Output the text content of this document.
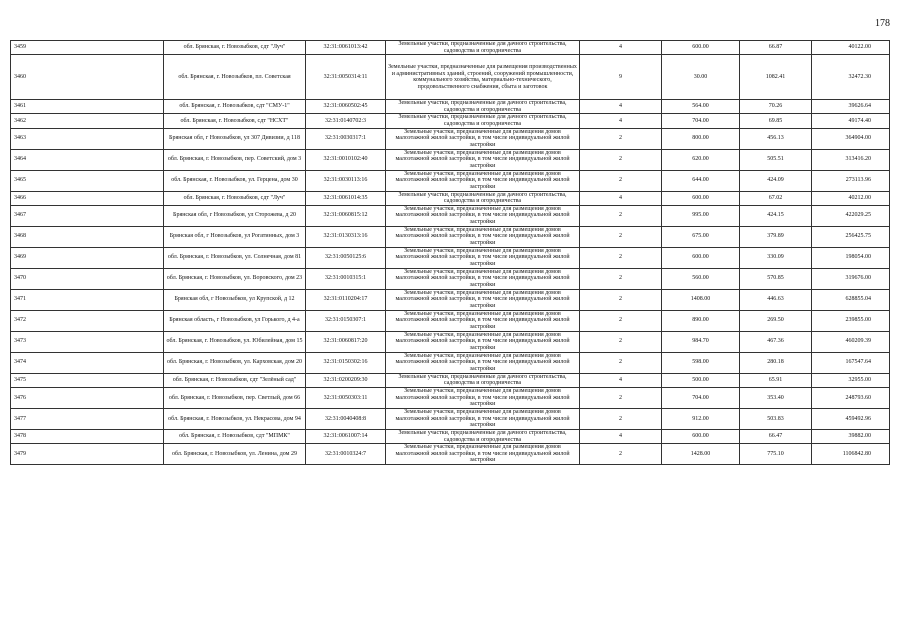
178
3459	обл. Брянская, г. Новозыбков, сдт "Луч"	32:31:0061013:42	Земельные участки, предназначенные для дачного строительства, садоводства и огородничества	4	600.00	66.87	40122.00
3460	обл. Брянская, г. Новозыбков, пл. Советская	32:31:0050314:11	Земельные участки, предназначенные для размещения производственных и административных зданий, строений, сооружений промышленности, коммунального хозяйства, материально-технического, продовольственного снабжения, сбыта и заготовок	9	30.00	1082.41	32472.30
3461	обл. Брянская, г. Новозыбков, сдт "СМУ-1"	32:31:0060502:45	Земельные участки, предназначенные для дачного строительства, садоводства и огородничества	4	564.00	70.26	39626.64
3462	обл. Брянская, г. Новозыбков, сдт "НСХТ"	32:31:0140702:3	Земельные участки, предназначенные для дачного строительства, садоводства и огородничества	4	704.00	69.85	49174.40
3463	Брянская обл, г Новозыбков, ул 307 Дивизии, д 118	32:31:0030317:1	Земельные участки, предназначенные для размещения домов малоэтажной жилой застройки, в том числе индивидуальной жилой застройки	2	800.00	456.13	364904.00
3464	обл. Брянская, г. Новозыбков, пер. Советский, дом 3	32:31:0010102:40	Земельные участки, предназначенные для размещения домов малоэтажной жилой застройки, в том числе индивидуальной жилой застройки	2	620.00	505.51	313416.20
3465	обл. Брянская, г. Новозыбков, ул. Герцена, дом 30	32:31:0030113:16	Земельные участки, предназначенные для размещения домов малоэтажной жилой застройки, в том числе индивидуальной жилой застройки	2	644.00	424.09	273113.96
3466	обл. Брянская, г. Новозыбков, сдт "Луч"	32:31:0061014:35	Земельные участки, предназначенные для дачного строительства, садоводства и огородничества	4	600.00	67.02	40212.00
3467	Брянская обл, г Новозыбков, ул Сторожева, д 20	32:31:0060815:12	Земельные участки, предназначенные для размещения домов малоэтажной жилой застройки, в том числе индивидуальной жилой застройки	2	995.00	424.15	422029.25
3468	Брянская обл, г Новозыбков, ул Рогатинных, дом 3	32:31:0130313:16	Земельные участки, предназначенные для размещения домов малоэтажной жилой застройки, в том числе индивидуальной жилой застройки	2	675.00	379.89	256425.75
3469	обл. Брянская, г. Новозыбков, ул. Солнечная, дом 81	32:31:0050125:6	Земельные участки, предназначенные для размещения домов малоэтажной жилой застройки, в том числе индивидуальной жилой застройки	2	600.00	330.09	198054.00
3470	обл. Брянская, г. Новозыбков, ул. Воровского, дом 23	32:31:0010315:1	Земельные участки, предназначенные для размещения домов малоэтажной жилой застройки, в том числе индивидуальной жилой застройки	2	560.00	570.85	319676.00
3471	Брянская обл, г Новозыбков, ул Крупской, д 12	32:31:0110204:17	Земельные участки, предназначенные для размещения домов малоэтажной жилой застройки, в том числе индивидуальной жилой застройки	2	1408.00	446.63	628855.04
3472	Брянская область, г Новозыбков, ул Горького, д 4-а	32:31:0150307:1	Земельные участки, предназначенные для размещения домов малоэтажной жилой застройки, в том числе индивидуальной жилой застройки	2	890.00	269.50	239855.00
3473	обл. Брянская, г. Новозыбков, ул. Юбилейная, дом 15	32:31:0060817:20	Земельные участки, предназначенные для размещения домов малоэтажной жилой застройки, в том числе индивидуальной жилой застройки	2	984.70	467.36	460209.39
3474	обл. Брянская, г. Новозыбков, ул. Карховская, дом 20	32:31:0150302:16	Земельные участки, предназначенные для размещения домов малоэтажной жилой застройки, в том числе индивидуальной жилой застройки	2	598.00	280.18	167547.64
3475	обл. Брянская, г. Новозыбков, сдт "Зелёный сад"	32:31:0200209:30	Земельные участки, предназначенные для дачного строительства, садоводства и огородничества	4	500.00	65.91	32955.00
3476	обл. Брянская, г. Новозыбков, пер. Светлый, дом 66	32:31:0050303:11	Земельные участки, предназначенные для размещения домов малоэтажной жилой застройки, в том числе индивидуальной жилой застройки	2	704.00	353.40	248793.60
3477	обл. Брянская, г. Новозыбков, ул. Некрасова, дом 94	32:31:0040408:8	Земельные участки, предназначенные для размещения домов малоэтажной жилой застройки, в том числе индивидуальной жилой застройки	2	912.00	503.83	459492.96
3478	обл. Брянская, г. Новозыбков, сдт "МПМК"	32:31:0061007:14	Земельные участки, предназначенные для дачного строительства, садоводства и огородничества	4	600.00	66.47	39882.00
3479	обл. Брянская, г. Новозыбков, ул. Ленина, дом 29	32:31:0010324:7	Земельные участки, предназначенные для размещения домов малоэтажной жилой застройки, в том числе индивидуальной жилой застройки	2	1428.00	775.10	1106842.80
